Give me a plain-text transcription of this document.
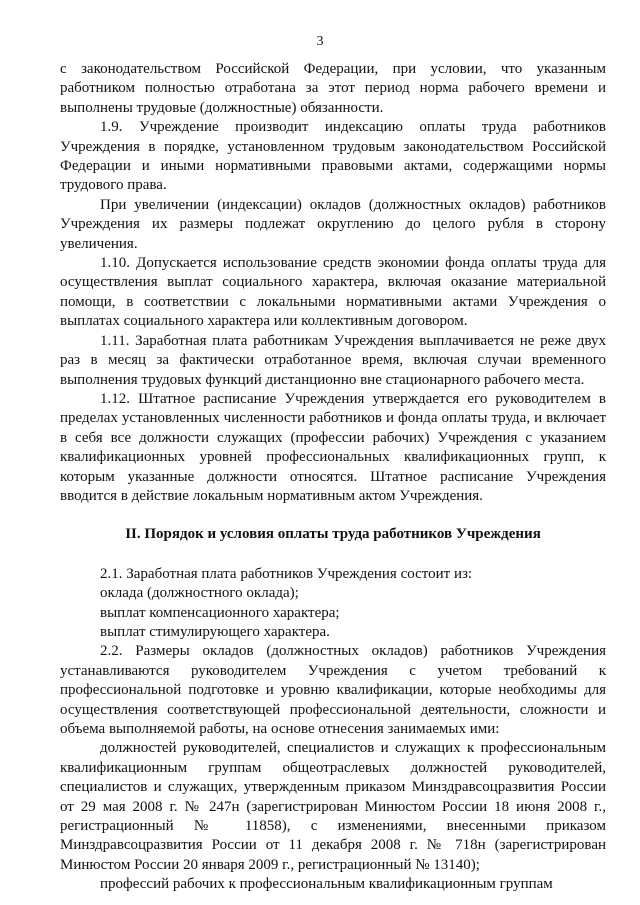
3

с законодательством Российской Федерации, при условии, что указанным работником полностью отработана за этот период норма рабочего времени и выполнены трудовые (должностные) обязанности.

1.9. Учреждение производит индексацию оплаты труда работников Учреждения в порядке, установленном трудовым законодательством Российской Федерации и иными нормативными правовыми актами, содержащими нормы трудового права.

При увеличении (индексации) окладов (должностных окладов) работников Учреждения их размеры подлежат округлению до целого рубля в сторону увеличения.

1.10. Допускается использование средств экономии фонда оплаты труда для осуществления выплат социального характера, включая оказание материальной помощи, в соответствии с локальными нормативными актами Учреждения о выплатах социального характера или коллективным договором.

1.11. Заработная плата работникам Учреждения выплачивается не реже двух раз в месяц за фактически отработанное время, включая случаи временного выполнения трудовых функций дистанционно вне стационарного рабочего места.

1.12. Штатное расписание Учреждения утверждается его руководителем в пределах установленных численности работников и фонда оплаты труда, и включает в себя все должности служащих (профессии рабочих) Учреждения с указанием квалификационных уровней профессиональных квалификационных групп, к которым указанные должности относятся. Штатное расписание Учреждения вводится в действие локальным нормативным актом Учреждения.

II. Порядок и условия оплаты труда работников Учреждения

2.1. Заработная плата работников Учреждения состоит из:

оклада (должностного оклада);

выплат компенсационного характера;

выплат стимулирующего характера.

2.2. Размеры окладов (должностных окладов) работников Учреждения устанавливаются руководителем Учреждения с учетом требований к профессиональной подготовке и уровню квалификации, которые необходимы для осуществления соответствующей профессиональной деятельности, сложности и объема выполняемой работы, на основе отнесения занимаемых ими:

должностей руководителей, специалистов и служащих к профессиональным квалификационным группам общеотраслевых должностей руководителей, специалистов и служащих, утвержденным приказом Минздравсоцразвития России от 29 мая 2008 г. № 247н (зарегистрирован Минюстом России 18 июня 2008 г., регистрационный № 11858), с изменениями, внесенными приказом Минздравсоцразвития России от 11 декабря 2008 г. № 718н (зарегистрирован Минюстом России 20 января 2009 г., регистрационный № 13140);

профессий рабочих к профессиональным квалификационным группам
